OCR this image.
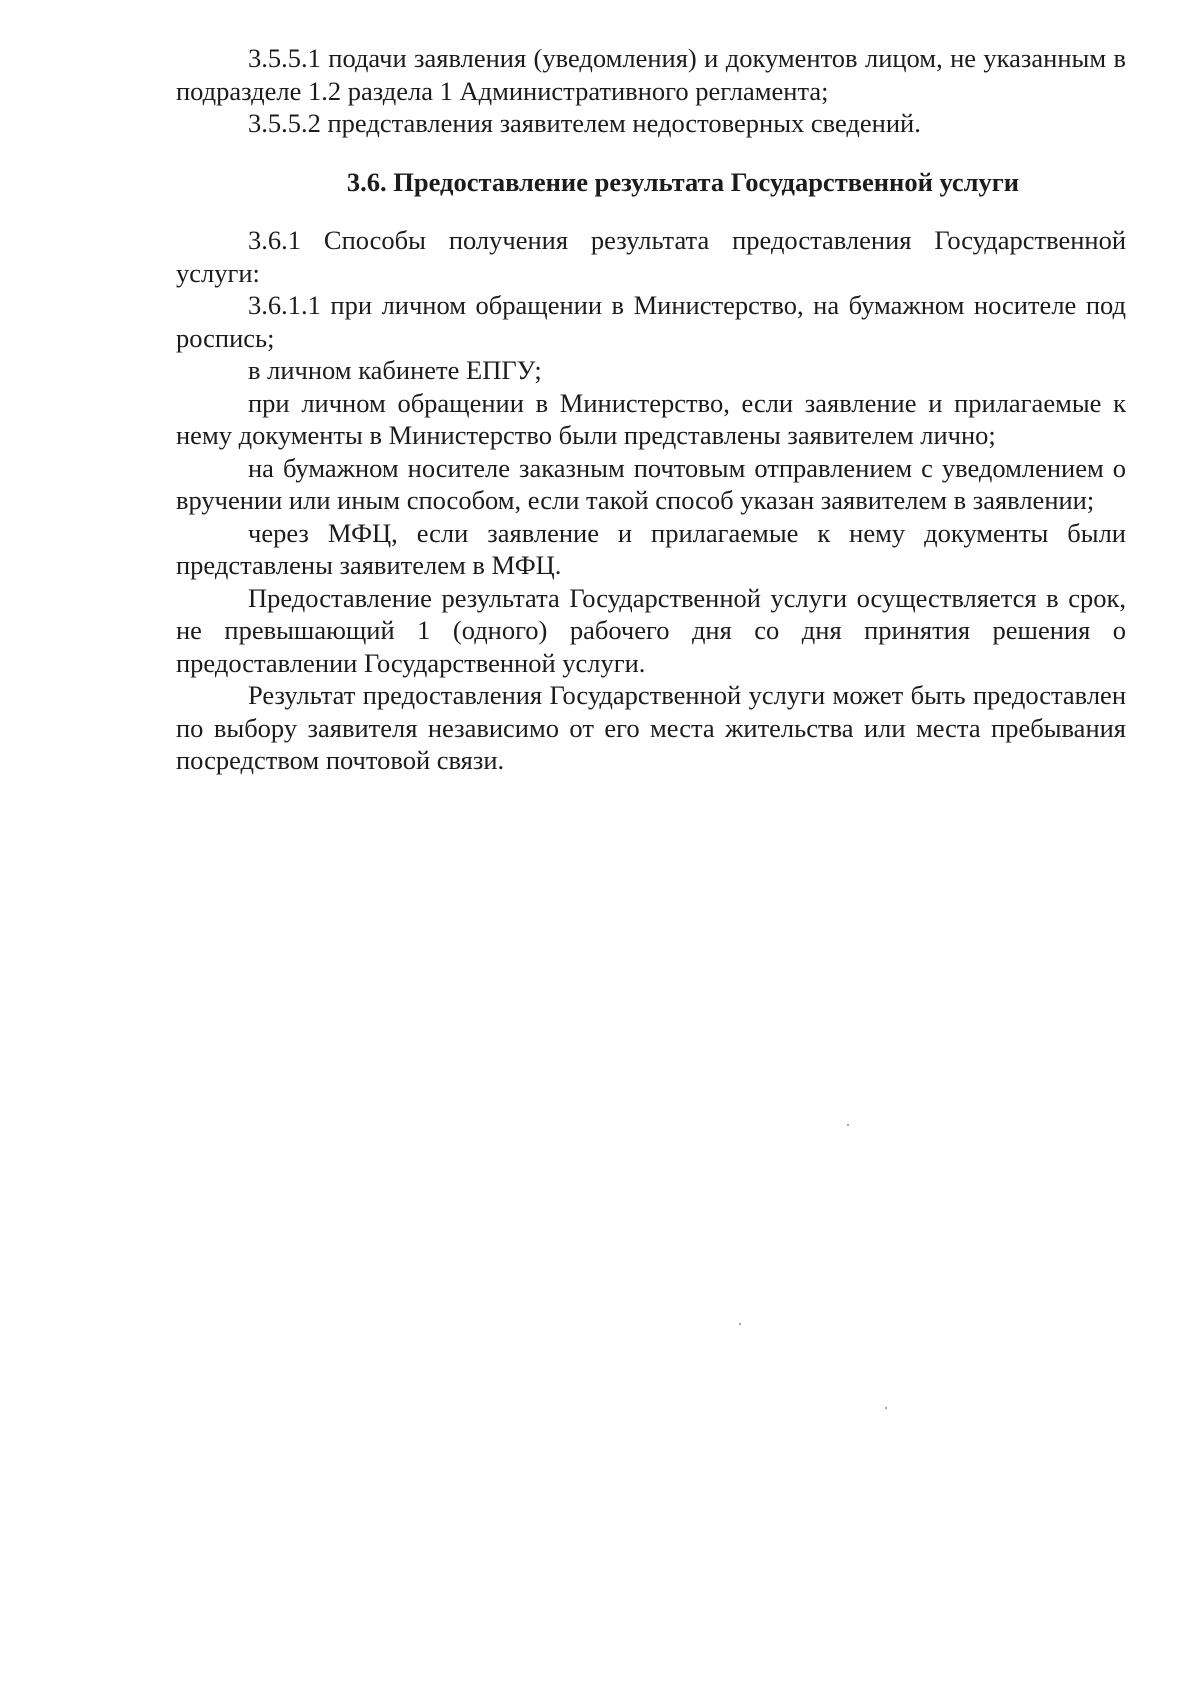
3.5.5.1 подачи заявления (уведомления) и документов лицом, не указанным в подразделе 1.2 раздела 1 Административного регламента;

3.5.5.2 представления заявителем недостоверных сведений.

3.6. Предоставление результата Государственной услуги

3.6.1 Способы получения результата предоставления Государственной услуги:

3.6.1.1 при личном обращении в Министерство, на бумажном носителе под роспись;

в личном кабинете ЕПГУ;

при личном обращении в Министерство, если заявление и прилагаемые к нему документы в Министерство были представлены заявителем лично;

на бумажном носителе заказным почтовым отправлением с уведомлением о вручении или иным способом, если такой способ указан заявителем в заявлении;

через МФЦ, если заявление и прилагаемые к нему документы были представлены заявителем в МФЦ.

Предоставление результата Государственной услуги осуществляется в срок, не превышающий 1 (одного) рабочего дня со дня принятия решения о предоставлении Государственной услуги.

Результат предоставления Государственной услуги может быть предоставлен по выбору заявителя независимо от его места жительства или места пребывания посредством почтовой связи.
